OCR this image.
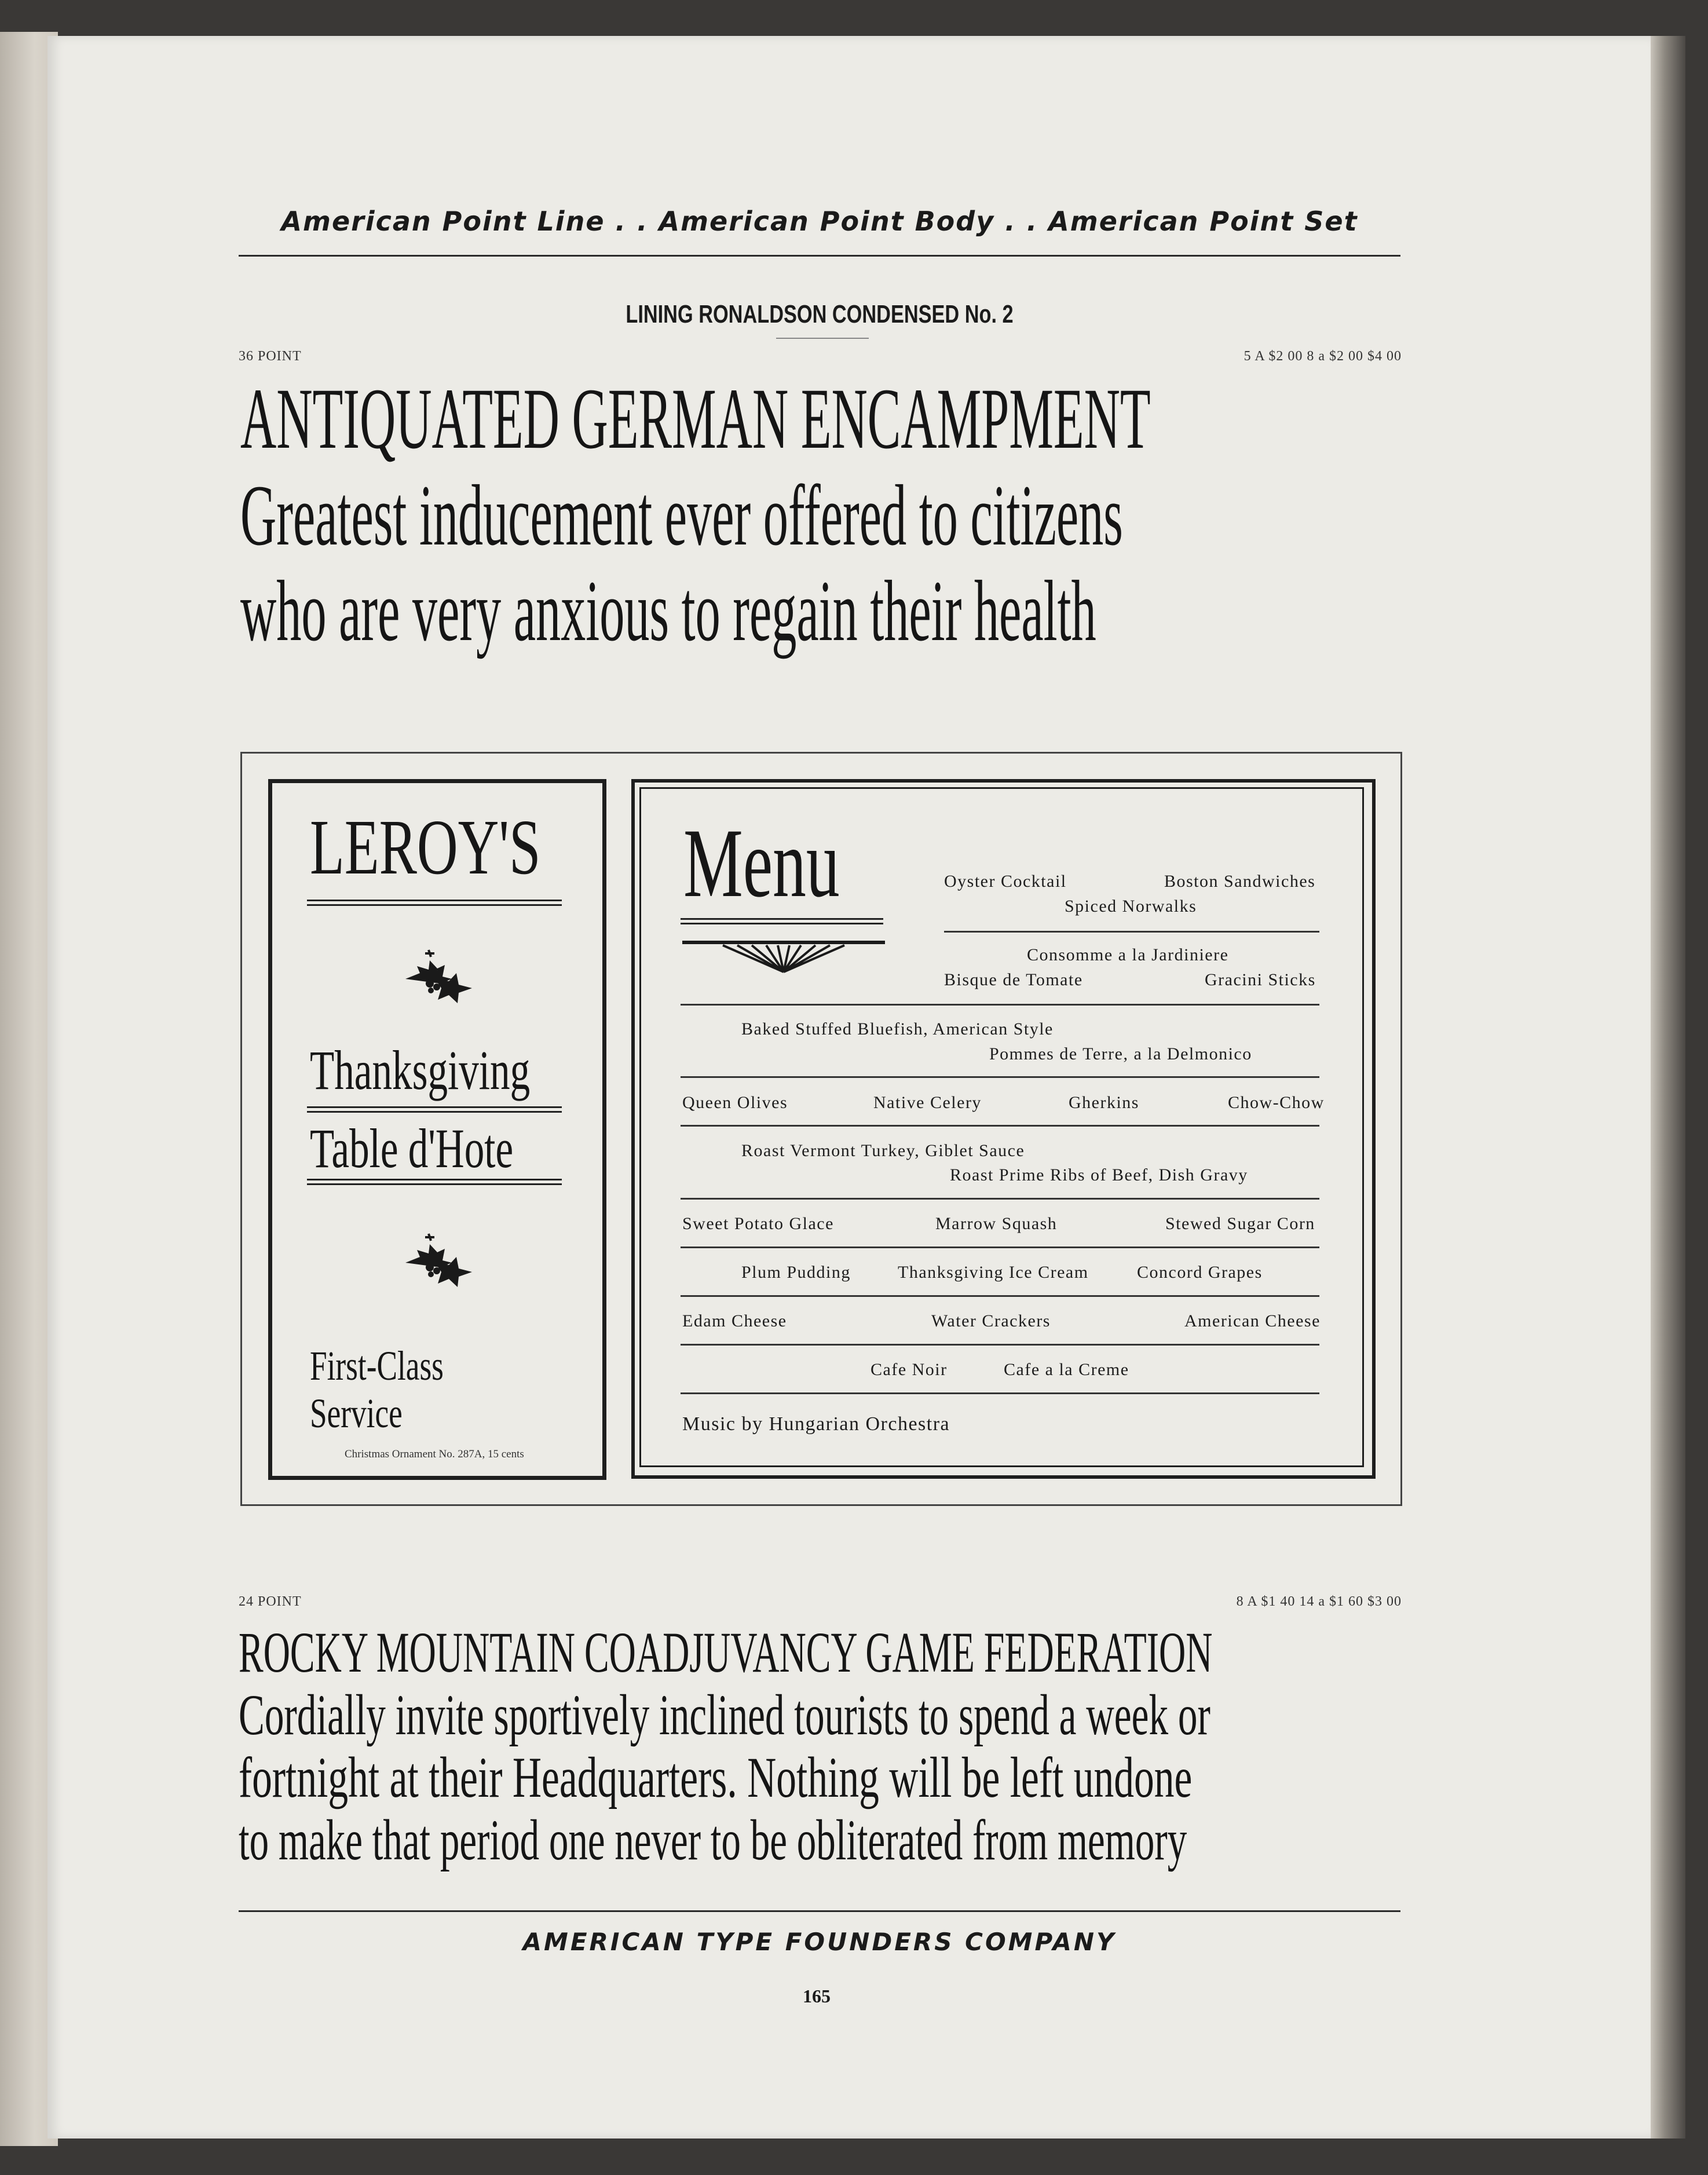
American Point Line . . American Point Body . . American Point Set
LINING RONALDSON CONDENSED No. 2
36 POINT	5 A $2 00 8 a $2 00 $4 00
ANTIQUATED GERMAN ENCAMPMENT
Greatest inducement ever offered to citizens
who are very anxious to regain their health
LEROY'S
Thanksgiving
Table d'Hote
First-Class
Service
Christmas Ornament No. 287A, 15 cents
Menu	Oyster Cocktail	Boston Sandwiches
Spiced Norwalks
Consomme a la Jardiniere
Bisque de Tomate	Gracini Sticks
Baked Stuffed Bluefish, American Style
Pommes de Terre, a la Delmonico
Queen Olives	Native Celery	Gherkins	Chow-Chow
Roast Vermont Turkey, Giblet Sauce
Roast Prime Ribs of Beef, Dish Gravy
Sweet Potato Glace	Marrow Squash	Stewed Sugar Corn
Plum Pudding	Thanksgiving Ice Cream	Concord Grapes
Edam Cheese	Water Crackers	American Cheese
Cafe Noir	Cafe a la Creme
Music by Hungarian Orchestra
24 POINT	8 A $1 40 14 a $1 60 $3 00
ROCKY MOUNTAIN COADJUVANCY GAME FEDERATION
Cordially invite sportively inclined tourists to spend a week or
fortnight at their Headquarters. Nothing will be left undone
to make that period one never to be obliterated from memory
AMERICAN TYPE FOUNDERS COMPANY
165
